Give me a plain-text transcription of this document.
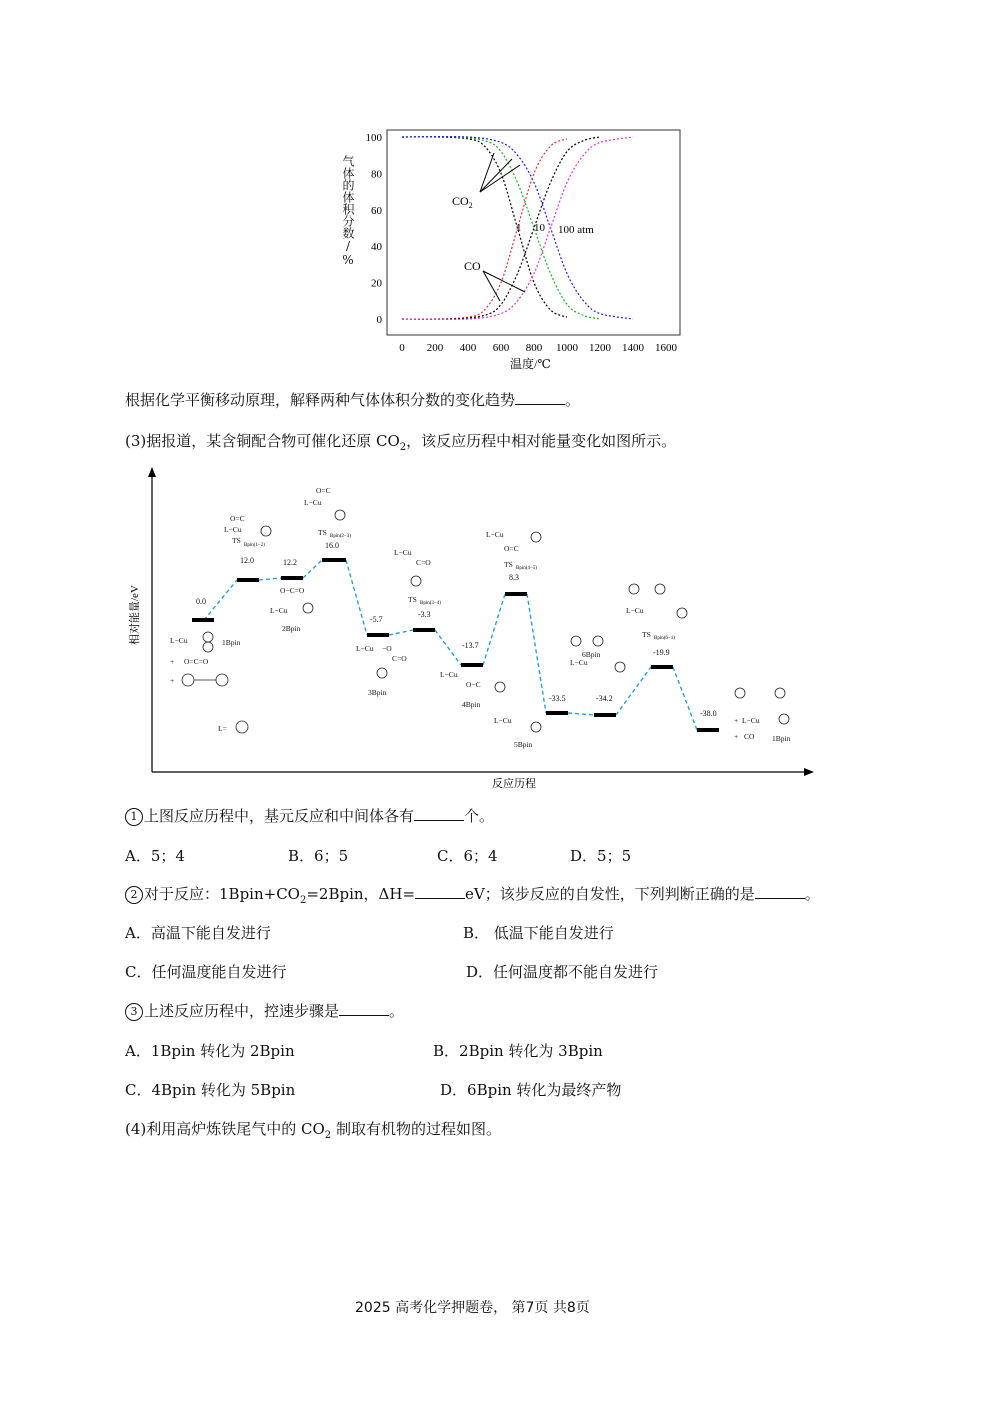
100
80
60
40
20
0
0 200 400 600 800 1000 1200 1400 1600
$CO_2$
CO
1 10 100 atm
温度/℃
气体的体积分数/%
根据化学平衡移动原理，解释两种气体体积分数的变化趋势	。
(3)据报道，某含铜配合物可催化还原 $CO_2$，该反应历程中相对能量变化如图所示。
相对能量/eV
反应历程
0.0
12.0	12.2
16.0
-5.7
-3.3
-13.7
8.3
-33.5	-34.2
-19.9
-38.0
L−Cu	1Bpin
+ O=C=O
+
L=
O=C
L−Cu
TS
Bpin(1−2)
O−C=O
L−Cu
2Bpin
O=C
L−Cu
TS Bpin(2−3)
L−Cu −O
C=O
3Bpin
L−Cu
C=O
TS Bpin(3−4)
L−Cu
O−C
4Bpin
L−Cu
O=C
TS Bpin(4−5)
L−Cu
5Bpin
L−Cu
6Bpin
L−Cu
TS Bpin(6−1)
+ L−Cu
+ CO 1Bpin
1 上图反应历程中，基元反应和中间体各有	个。
A．5；4	B．6；5	C．6；4	D．5；5
2 对于反应：$1Bpin+CO_2=2Bpin$，ΔH=	eV；该步反应的自发性，下列判断正确的是	。
A．高温下能自发进行	B． 低温下能自发进行
C．任何温度能自发进行	D．任何温度都不能自发进行
3 上述反应历程中，控速步骤是	。
A．1Bpin 转化为 2Bpin	B．2Bpin 转化为 3Bpin
C．4Bpin 转化为 5Bpin	D．6Bpin 转化为最终产物
(4)利用高炉炼铁尾气中的 $CO_2$ 制取有机物的过程如图。
2025 高考化学押题卷， 第7页 共8页
